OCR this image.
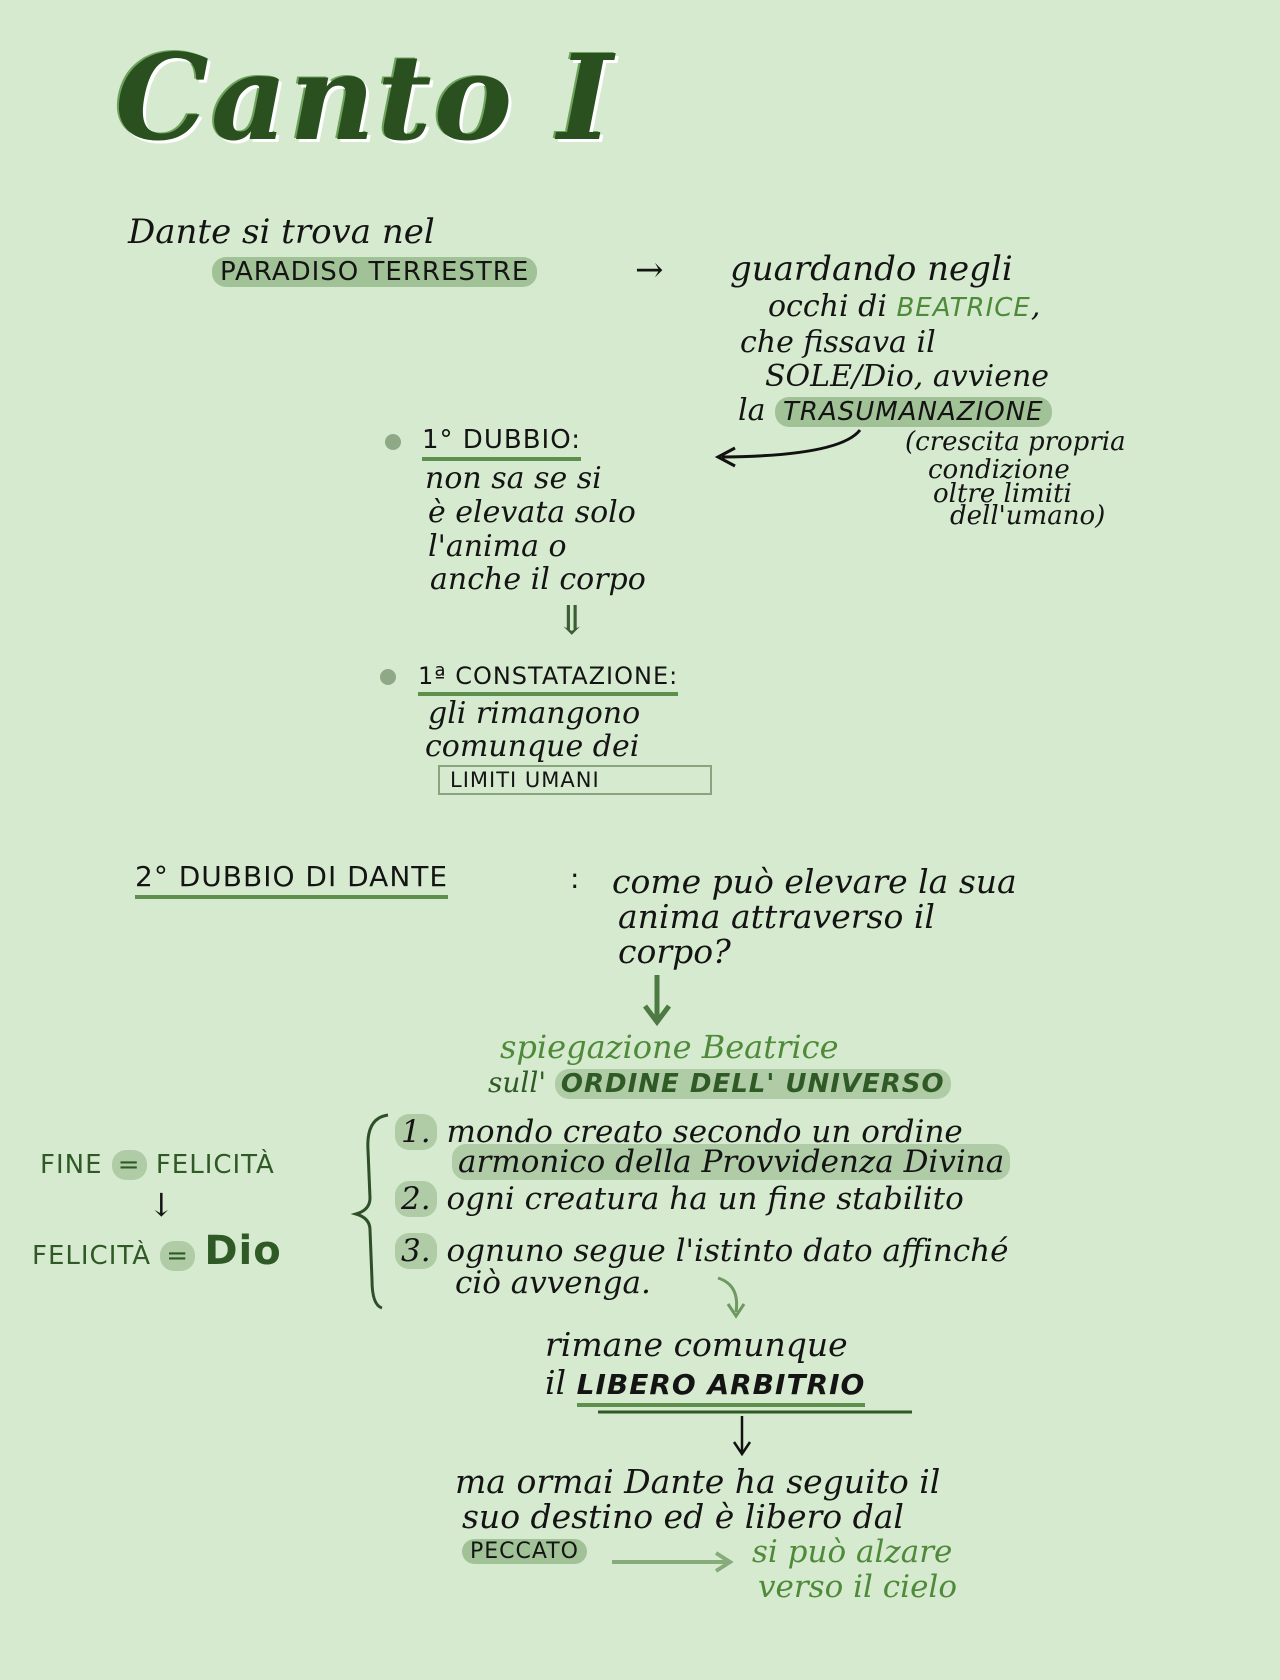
Canto I
Dante si trova nel
PARADISO TERRESTRE	→ guardando negli
occhi di BEATRICE,
che fissava il
SOLE/Dio, avviene
la TRASUMANAZIONE
(crescita propria
condizione
oltre limiti
dell'umano)
1° DUBBIO:
non sa se si
è elevata solo
l'anima o
anche il corpo
⇓
1ª CONSTATAZIONE:
gli rimangono
comunque dei
LIMITI UMANI
2° DUBBIO DI DANTE	: come può elevare la sua
anima attraverso il
corpo?
spiegazione Beatrice
sull' ORDINE DELL' UNIVERSO
FINE = FELICITÀ
↓
FELICITÀ = Dio
1. mondo creato secondo un ordine
armonico della Provvidenza Divina
2. ogni creatura ha un fine stabilito
3. ognuno segue l'istinto dato affinché
ciò avvenga.
rimane comunque
il LIBERO ARBITRIO
ma ormai Dante ha seguito il
suo destino ed è libero dal
PECCATO	si può alzare
verso il cielo
